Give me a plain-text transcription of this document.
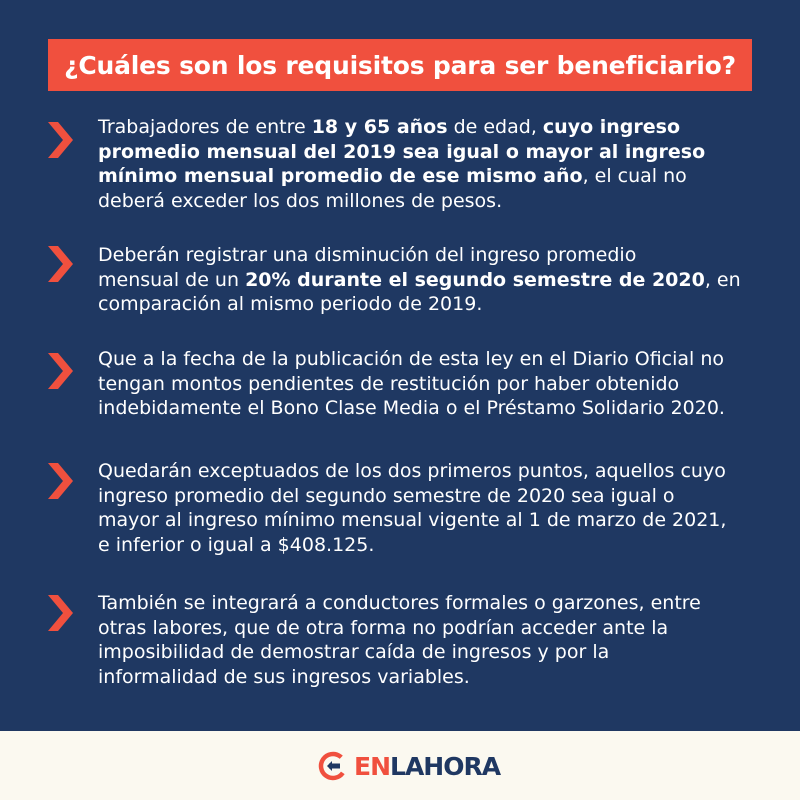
¿Cuáles son los requisitos para ser beneficiario?

Trabajadores de entre 18 y 65 años de edad, cuyo ingreso

promedio mensual del 2019 sea igual o mayor al ingreso

mínimo mensual promedio de ese mismo año, el cual no

deberá exceder los dos millones de pesos.

Deberán registrar una disminución del ingreso promedio

mensual de un 20% durante el segundo semestre de 2020, en

comparación al mismo periodo de 2019.

Que a la fecha de la publicación de esta ley en el Diario Oficial no

tengan montos pendientes de restitución por haber obtenido

indebidamente el Bono Clase Media o el Préstamo Solidario 2020.

Quedarán exceptuados de los dos primeros puntos, aquellos cuyo

ingreso promedio del segundo semestre de 2020 sea igual o

mayor al ingreso mínimo mensual vigente al 1 de marzo de 2021,

e inferior o igual a $408.125.

También se integrará a conductores formales o garzones, entre

otras labores, que de otra forma no podrían acceder ante la

imposibilidad de demostrar caída de ingresos y por la

informalidad de sus ingresos variables.

EN LAHORA
